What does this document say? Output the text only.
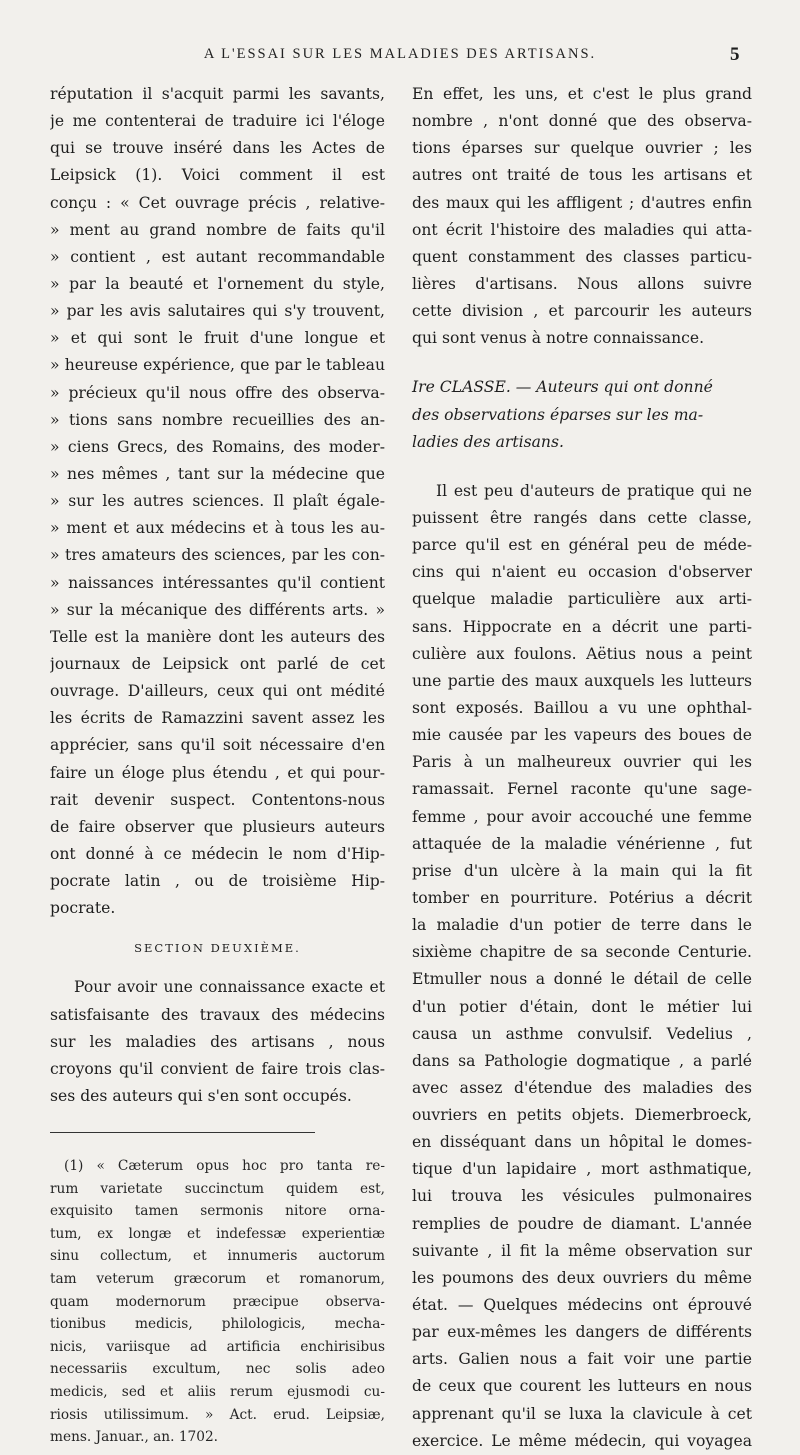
A L'ESSAI SUR LES MALADIES DES ARTISANS.	5
réputation il s'acquit parmi les savants,
je me contenterai de traduire ici l'éloge
qui se trouve inséré dans les Actes de
Leipsick (1). Voici comment il est
conçu : « Cet ouvrage précis , relative-
» ment au grand nombre de faits qu'il
» contient , est autant recommandable
» par la beauté et l'ornement du style,
» par les avis salutaires qui s'y trouvent,
» et qui sont le fruit d'une longue et
» heureuse expérience, que par le tableau
» précieux qu'il nous offre des observa-
» tions sans nombre recueillies des an-
» ciens Grecs, des Romains, des moder-
» nes mêmes , tant sur la médecine que
» sur les autres sciences. Il plaît égale-
» ment et aux médecins et à tous les au-
» tres amateurs des sciences, par les con-
» naissances intéressantes qu'il contient
» sur la mécanique des différents arts. »
Telle est la manière dont les auteurs des
journaux de Leipsick ont parlé de cet
ouvrage. D'ailleurs, ceux qui ont médité
les écrits de Ramazzini savent assez les
apprécier, sans qu'il soit nécessaire d'en
faire un éloge plus étendu , et qui pour-
rait devenir suspect. Contentons-nous
de faire observer que plusieurs auteurs
ont donné à ce médecin le nom d'Hip-
pocrate latin , ou de troisième Hip-
pocrate.
SECTION DEUXIÈME.
Pour avoir une connaissance exacte et
satisfaisante des travaux des médecins
sur les maladies des artisans , nous
croyons qu'il convient de faire trois clas-
ses des auteurs qui s'en sont occupés.
(1) « Cæterum opus hoc pro tanta re-
rum varietate succinctum quidem est,
exquisito tamen sermonis nitore orna-
tum, ex longæ et indefessæ experientiæ
sinu collectum, et innumeris auctorum
tam veterum græcorum et romanorum,
quam modernorum præcipue observa-
tionibus medicis, philologicis, mecha-
nicis, variisque ad artificia enchirisibus
necessariis excultum, nec solis adeo
medicis, sed et aliis rerum ejusmodi cu-
riosis utilissimum. » Act. erud. Leipsiæ,
mens. Januar., an. 1702.
En effet, les uns, et c'est le plus grand
nombre , n'ont donné que des observa-
tions éparses sur quelque ouvrier ; les
autres ont traité de tous les artisans et
des maux qui les affligent ; d'autres enfin
ont écrit l'histoire des maladies qui atta-
quent constamment des classes particu-
lières d'artisans. Nous allons suivre
cette division , et parcourir les auteurs
qui sont venus à notre connaissance.
Ire CLASSE. — Auteurs qui ont donné
des observations éparses sur les ma-
ladies des artisans.
Il est peu d'auteurs de pratique qui ne
puissent être rangés dans cette classe,
parce qu'il est en général peu de méde-
cins qui n'aient eu occasion d'observer
quelque maladie particulière aux arti-
sans. Hippocrate en a décrit une parti-
culière aux foulons. Aëtius nous a peint
une partie des maux auxquels les lutteurs
sont exposés. Baillou a vu une ophthal-
mie causée par les vapeurs des boues de
Paris à un malheureux ouvrier qui les
ramassait. Fernel raconte qu'une sage-
femme , pour avoir accouché une femme
attaquée de la maladie vénérienne , fut
prise d'un ulcère à la main qui la fit
tomber en pourriture. Potérius a décrit
la maladie d'un potier de terre dans le
sixième chapitre de sa seconde Centurie.
Etmuller nous a donné le détail de celle
d'un potier d'étain, dont le métier lui
causa un asthme convulsif. Vedelius ,
dans sa Pathologie dogmatique , a parlé
avec assez d'étendue des maladies des
ouvriers en petits objets. Diemerbroeck,
en disséquant dans un hôpital le domes-
tique d'un lapidaire , mort asthmatique,
lui trouva les vésicules pulmonaires
remplies de poudre de diamant. L'année
suivante , il fit la même observation sur
les poumons des deux ouvriers du même
état. — Quelques médecins ont éprouvé
par eux-mêmes les dangers de différents
arts. Galien nous a fait voir une partie
de ceux que courent les lutteurs en nous
apprenant qu'il se luxa la clavicule à cet
exercice. Le même médecin, qui voyagea
